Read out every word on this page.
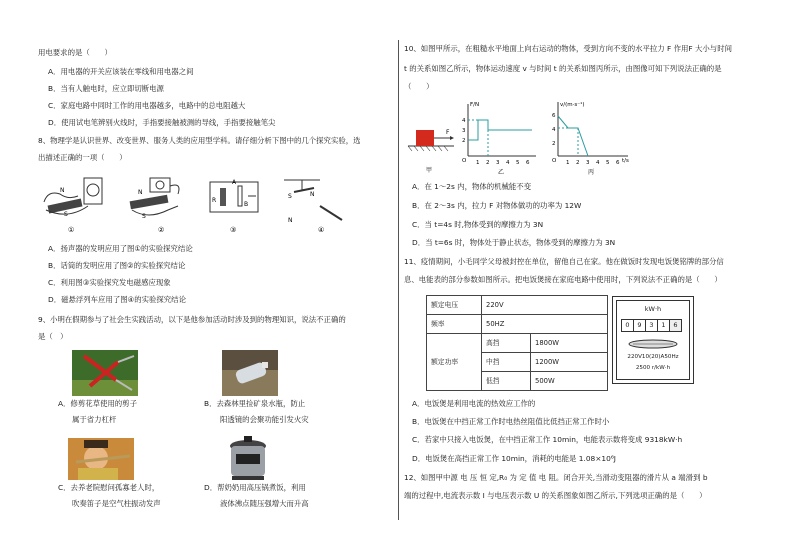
用电要求的是（　　）
A．用电器的开关应该装在零线和用电器之间
B．当有人触电时，应立即切断电源
C．家庭电路中同时工作的用电器越多，电路中的总电阻越大
D．使用试电笔辨别火线时，手指要接触被测的导线，手指要接触笔尖
8、物理学是认识世界、改变世界、服务人类的应用型学科。请仔细分析下图中的几个探究实验，选
出描述正确的一项（　　）
N
S
①
N
S
②
R
A
B
③
S	N
N
④
A．扬声器的发明应用了图①的实验探究结论
B．话筒的发明应用了图②的实验探究结论
C．利用图③实验探究发电磁感应现象
D．磁悬浮列车应用了图④的实验探究结论
9、小明在假期参与了社会生实践活动，以下是他参加活动时涉及到的物理知识，说法不正确的
是（　）
A．修剪花草使用的剪子
属于省力杠杆
B．去森林里捡矿泉水瓶，防止
阳透镜的会聚功能引发火灾
C．去养老院慰问孤寡老人时，
吹奏笛子是空气柱振动发声
D．帮奶奶用高压锅煮饭，利用
液体沸点随压强增大而升高
10、如图甲所示，在粗糙水平地面上向右运动的物体，受到方向不变的水平拉力 F 作用F 大小与时间
t 的关系如图乙所示，物体运动速度 v 与时间 t 的关系如图丙所示，由图像可知下列说法正确的是
（　　）
F
甲
F/N
O
2
3
4
1 2 3 4 5 6
乙
v/(m·s⁻¹)
O
2
4
6
1 2 3 4 5 6 t/s
丙
A．在 1～2s 内，物体的机械能不变
B．在 2～3s 内，拉力 F 对物体做功的功率为 12W
C．当 t=4s 时,物体受到的摩擦力为 3N
D．当 t=6s 时，物体处于静止状态，物体受到的摩擦力为 3N
11、疫情期间，小毛同学父母被封控在单位，留他自己在家。他在做饭时发现电饭煲铭牌的部分信
息、电能表的部分参数如图所示。把电饭煲接在家庭电路中使用时，下列说法不正确的是（　　）
额定电压	220V	
频率	50HZ	
额定功率	高挡	1800W
	中挡	1200W
	低挡	500W
kW·h
0	9	3	1	6
220V10(20)A50Hz
2500 r/kW·h
A．电饭煲是利用电流的热效应工作的
B．电饭煲在中挡正常工作时电热丝阻值比低挡正常工作时小
C．若家中只接入电饭煲，在中挡正常工作 10min，电能表示数将变成 9318kW·h
D．电饭煲在高挡正常工作 10min，消耗的电能是 1.08×10⁶J
12、如图甲中源 电 压 恒 定,R₀ 为 定 值 电 阻。闭合开关,当滑动变阻器的滑片从 a 端滑到 b
端的过程中,电流表示数 I 与电压表示数 U 的关系图象如图乙所示,下列选项正确的是（　　）
